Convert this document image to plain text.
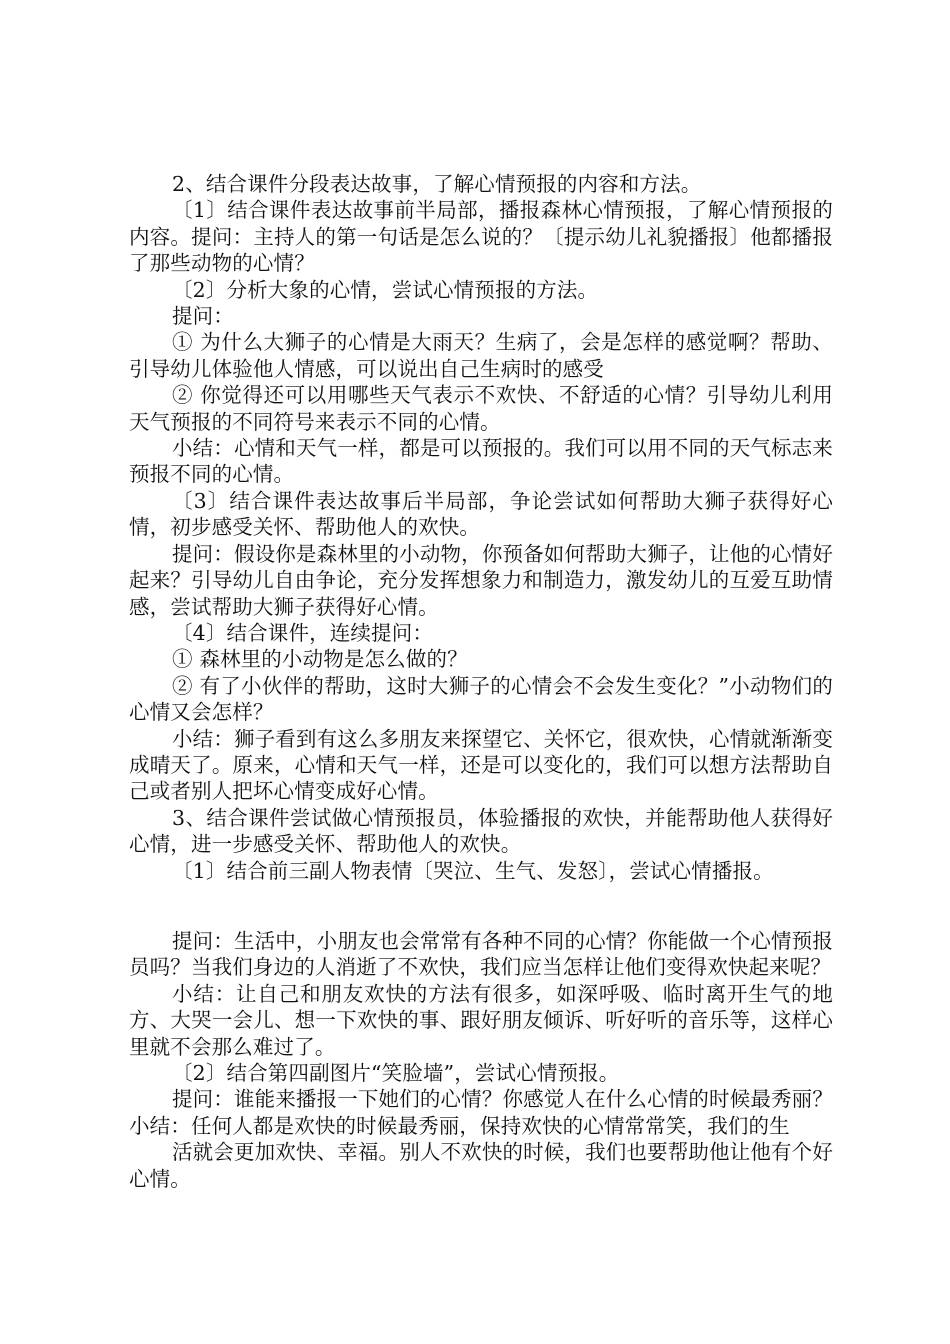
2、结合课件分段表达故事，了解心情预报的内容和方法。

〔1〕结合课件表达故事前半局部，播报森林心情预报，了解心情预报的内容。提问：主持人的第一句话是怎么说的？〔提示幼儿礼貌播报〕他都播报了那些动物的心情？

〔2〕分析大象的心情，尝试心情预报的方法。

提问：

① 为什么大狮子的心情是大雨天？生病了，会是怎样的感觉啊？帮助、引导幼儿体验他人情感，可以说出自己生病时的感受

② 你觉得还可以用哪些天气表示不欢快、不舒适的心情？引导幼儿利用天气预报的不同符号来表示不同的心情。

小结：心情和天气一样，都是可以预报的。我们可以用不同的天气标志来预报不同的心情。

〔3〕结合课件表达故事后半局部，争论尝试如何帮助大狮子获得好心情，初步感受关怀、帮助他人的欢快。

提问：假设你是森林里的小动物，你预备如何帮助大狮子，让他的心情好起来？引导幼儿自由争论，充分发挥想象力和制造力，激发幼儿的互爱互助情感，尝试帮助大狮子获得好心情。

〔4〕结合课件，连续提问：

① 森林里的小动物是怎么做的？

② 有了小伙伴的帮助，这时大狮子的心情会不会发生变化？”小动物们的心情又会怎样？

小结：狮子看到有这么多朋友来探望它、关怀它，很欢快，心情就渐渐变成晴天了。原来，心情和天气一样，还是可以变化的，我们可以想方法帮助自己或者别人把坏心情变成好心情。

3、结合课件尝试做心情预报员，体验播报的欢快，并能帮助他人获得好心情，进一步感受关怀、帮助他人的欢快。

〔1〕结合前三副人物表情〔哭泣、生气、发怒〕，尝试心情播报。

提问：生活中，小朋友也会常常有各种不同的心情？你能做一个心情预报员吗？当我们身边的人消逝了不欢快，我们应当怎样让他们变得欢快起来呢？

小结：让自己和朋友欢快的方法有很多，如深呼吸、临时离开生气的地方、大哭一会儿、想一下欢快的事、跟好朋友倾诉、听好听的音乐等，这样心里就不会那么难过了。

〔2〕结合第四副图片“笑脸墙”，尝试心情预报。

提问：谁能来播报一下她们的心情？你感觉人在什么心情的时候最秀丽？小结：任何人都是欢快的时候最秀丽，保持欢快的心情常常笑，我们的生

活就会更加欢快、幸福。别人不欢快的时候，我们也要帮助他让他有个好心情。
